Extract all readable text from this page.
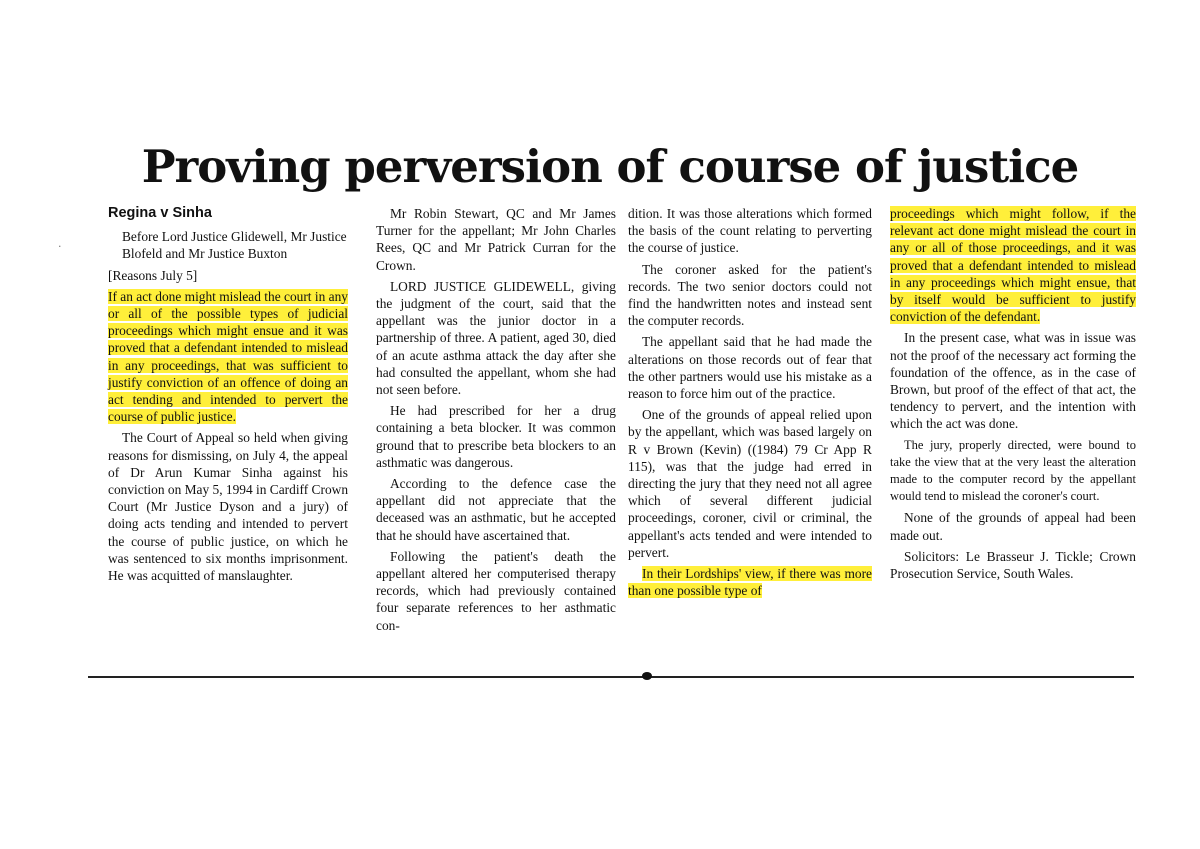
Proving perversion of course of justice
·

Regina v Sinha

Before Lord Justice Glidewell, Mr Justice Blofeld and Mr Justice Buxton

[Reasons July 5]

If an act done might mislead the court in any or all of the possible types of judicial proceedings which might ensue and it was proved that a defendant intended to mislead in any proceedings, that was sufficient to justify conviction of an offence of doing an act tending and intended to pervert the course of public justice.

The Court of Appeal so held when giving reasons for dismissing, on July 4, the appeal of Dr Arun Kumar Sinha against his conviction on May 5, 1994 in Cardiff Crown Court (Mr Justice Dyson and a jury) of doing acts tending and intended to pervert the course of public justice, on which he was sentenced to six months imprisonment. He was acquitted of manslaughter.

Mr Robin Stewart, QC and Mr James Turner for the appellant; Mr John Charles Rees, QC and Mr Patrick Curran for the Crown.

LORD JUSTICE GLIDEWELL, giving the judgment of the court, said that the appellant was the junior doctor in a partnership of three. A patient, aged 30, died of an acute asthma attack the day after she had consulted the appellant, whom she had not seen before.

He had prescribed for her a drug containing a beta blocker. It was common ground that to prescribe beta blockers to an asthmatic was dangerous.

According to the defence case the appellant did not appreciate that the deceased was an asthmatic, but he accepted that he should have ascertained that.

Following the patient's death the appellant altered her computerised therapy records, which had previously contained four separate references to her asthmatic con-

dition. It was those alterations which formed the basis of the count relating to perverting the course of justice.

The coroner asked for the patient's records. The two senior doctors could not find the handwritten notes and instead sent the computer records.

The appellant said that he had made the alterations on those records out of fear that the other partners would use his mistake as a reason to force him out of the practice.

One of the grounds of appeal relied upon by the appellant, which was based largely on R v Brown (Kevin) ((1984) 79 Cr App R 115), was that the judge had erred in directing the jury that they need not all agree which of several different judicial proceedings, coroner, civil or criminal, the appellant's acts tended and were intended to pervert.

In their Lordships' view, if there was more than one possible type of

proceedings which might follow, if the relevant act done might mislead the court in any or all of those proceedings, and it was proved that a defendant intended to mislead in any proceedings which might ensue, that by itself would be sufficient to justify conviction of the defendant.

In the present case, what was in issue was not the proof of the necessary act forming the foundation of the offence, as in the case of Brown, but proof of the effect of that act, the tendency to pervert, and the intention with which the act was done.

The jury, properly directed, were bound to take the view that at the very least the alteration made to the computer record by the appellant would tend to mislead the coroner's court.

None of the grounds of appeal had been made out.

Solicitors: Le Brasseur J. Tickle; Crown Prosecution Service, South Wales.
